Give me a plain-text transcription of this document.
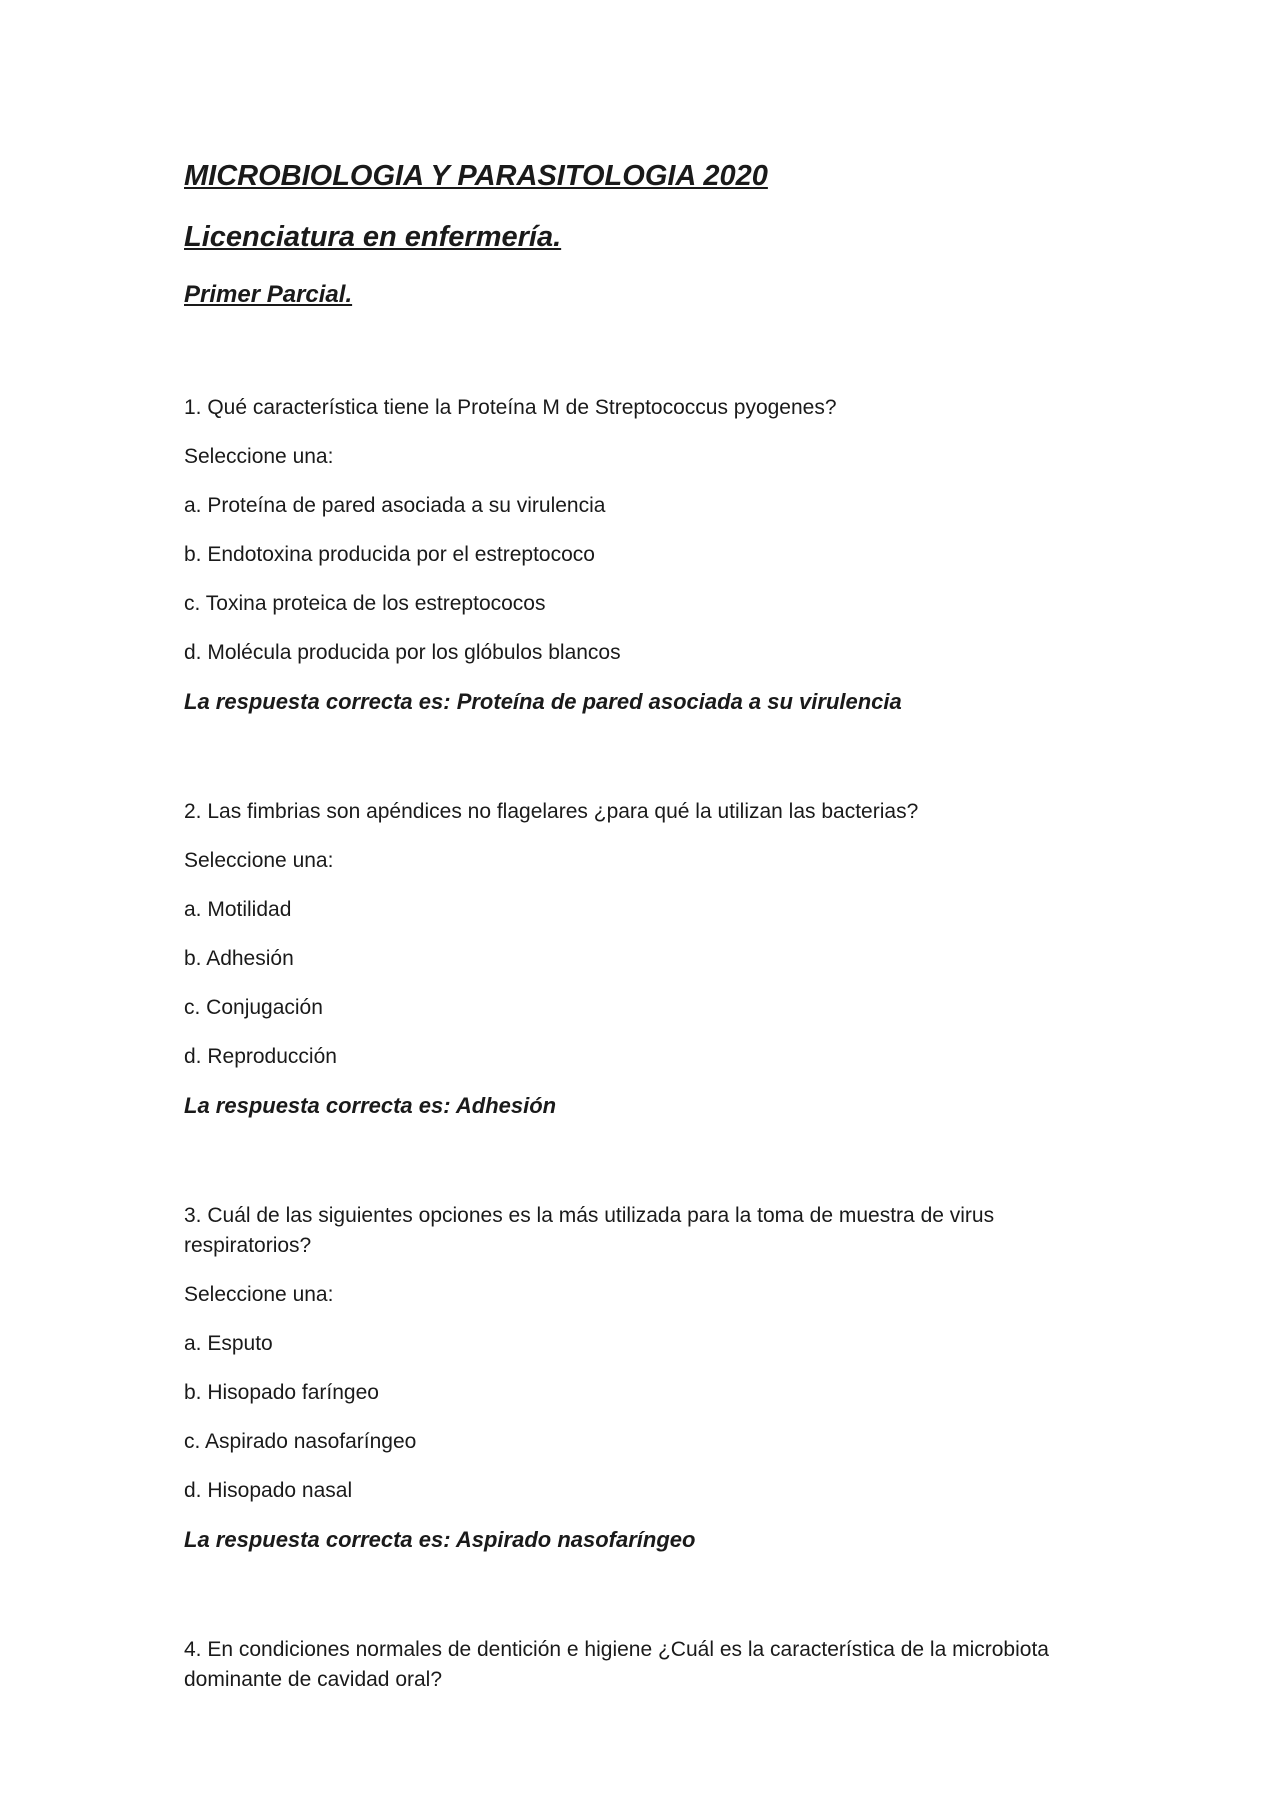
MICROBIOLOGIA Y PARASITOLOGIA 2020

Licenciatura en enfermería.

Primer Parcial.

1. Qué característica tiene la Proteína M de Streptococcus pyogenes?

Seleccione una:

a. Proteína de pared asociada a su virulencia

b. Endotoxina producida por el estreptococo

c. Toxina proteica de los estreptococos

d. Molécula producida por los glóbulos blancos

La respuesta correcta es: Proteína de pared asociada a su virulencia

2. Las fimbrias son apéndices no flagelares ¿para qué la utilizan las bacterias?

Seleccione una:

a. Motilidad

b. Adhesión

c. Conjugación

d. Reproducción

La respuesta correcta es: Adhesión

3. Cuál de las siguientes opciones es la más utilizada para la toma de muestra de virus respiratorios?

Seleccione una:

a. Esputo

b. Hisopado faríngeo

c. Aspirado nasofaríngeo

d. Hisopado nasal

La respuesta correcta es: Aspirado nasofaríngeo

4. En condiciones normales de dentición e higiene ¿Cuál es la característica de la microbiota dominante de cavidad oral?
